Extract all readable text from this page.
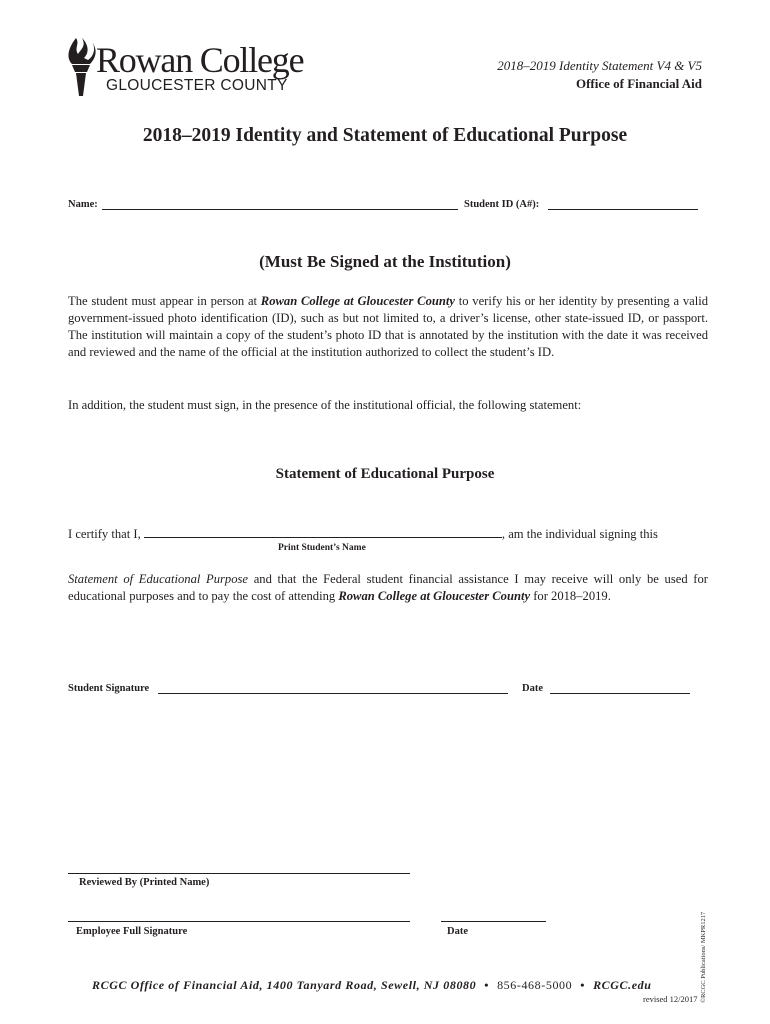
Rowan College
GLOUCESTER COUNTY
2018–2019 Identity Statement V4 & V5
Office of Financial Aid
2018–2019 Identity and Statement of Educational Purpose
Name:	Student ID (A#):
(Must Be Signed at the Institution)
The student must appear in person at Rowan College at Gloucester County to verify his or her identity by presenting a valid government-issued photo identification (ID), such as but not limited to, a driver’s license, other state-issued ID, or passport. The institution will maintain a copy of the student’s photo ID that is annotated by the institution with the date it was received and reviewed and the name of the official at the institution authorized to collect the student’s ID.
In addition, the student must sign, in the presence of the institutional official, the following statement:
Statement of Educational Purpose
I certify that I,	, am the individual signing this
Print Student’s Name
Statement of Educational Purpose and that the Federal student financial assistance I may receive will only be used for educational purposes and to pay the cost of attending Rowan College at Gloucester County for 2018–2019.
Student Signature	Date
Reviewed By (Printed Name)
Employee Full Signature	Date
RCGC Office of Financial Aid, 1400 Tanyard Road, Sewell, NJ 08080 • 856-468-5000 • RCGC.edu
revised 12/2017 ©RCGC Publications/ MKPR1217
